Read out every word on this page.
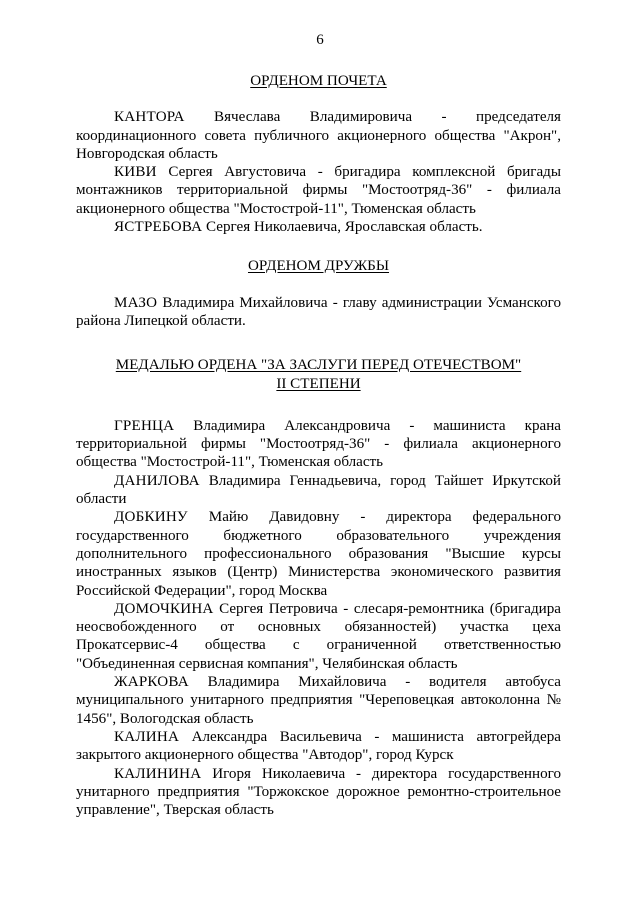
6

ОРДЕНОМ ПОЧЕТА

КАНТОРА Вячеслава Владимировича - председателя координационного совета публичного акционерного общества "Акрон", Новгородская область

КИВИ Сергея Августовича - бригадира комплексной бригады монтажников территориальной фирмы "Мостоотряд-36" - филиала акционерного общества "Мостострой-11", Тюменская область

ЯСТРЕБОВА Сергея Николаевича, Ярославская область.

ОРДЕНОМ ДРУЖБЫ

МАЗО Владимира Михайловича - главу администрации Усманского района Липецкой области.

МЕДАЛЬЮ ОРДЕНА "ЗА ЗАСЛУГИ ПЕРЕД ОТЕЧЕСТВОМ"
II СТЕПЕНИ

ГРЕНЦА Владимира Александровича - машиниста крана территориальной фирмы "Мостоотряд-36" - филиала акционерного общества "Мостострой-11", Тюменская область

ДАНИЛОВА Владимира Геннадьевича, город Тайшет Иркутской области

ДОБКИНУ Майю Давидовну - директора федерального государственного бюджетного образовательного учреждения дополнительного профессионального образования "Высшие курсы иностранных языков (Центр) Министерства экономического развития Российской Федерации", город Москва

ДОМОЧКИНА Сергея Петровича - слесаря-ремонтника (бригадира неосвобожденного от основных обязанностей) участка цеха Прокатсервис-4 общества с ограниченной ответственностью "Объединенная сервисная компания", Челябинская область

ЖАРКОВА Владимира Михайловича - водителя автобуса муниципального унитарного предприятия "Череповецкая автоколонна № 1456", Вологодская область

КАЛИНА Александра Васильевича - машиниста автогрейдера закрытого акционерного общества "Автодор", город Курск

КАЛИНИНА Игоря Николаевича - директора государственного унитарного предприятия "Торжокское дорожное ремонтно-строительное управление", Тверская область
